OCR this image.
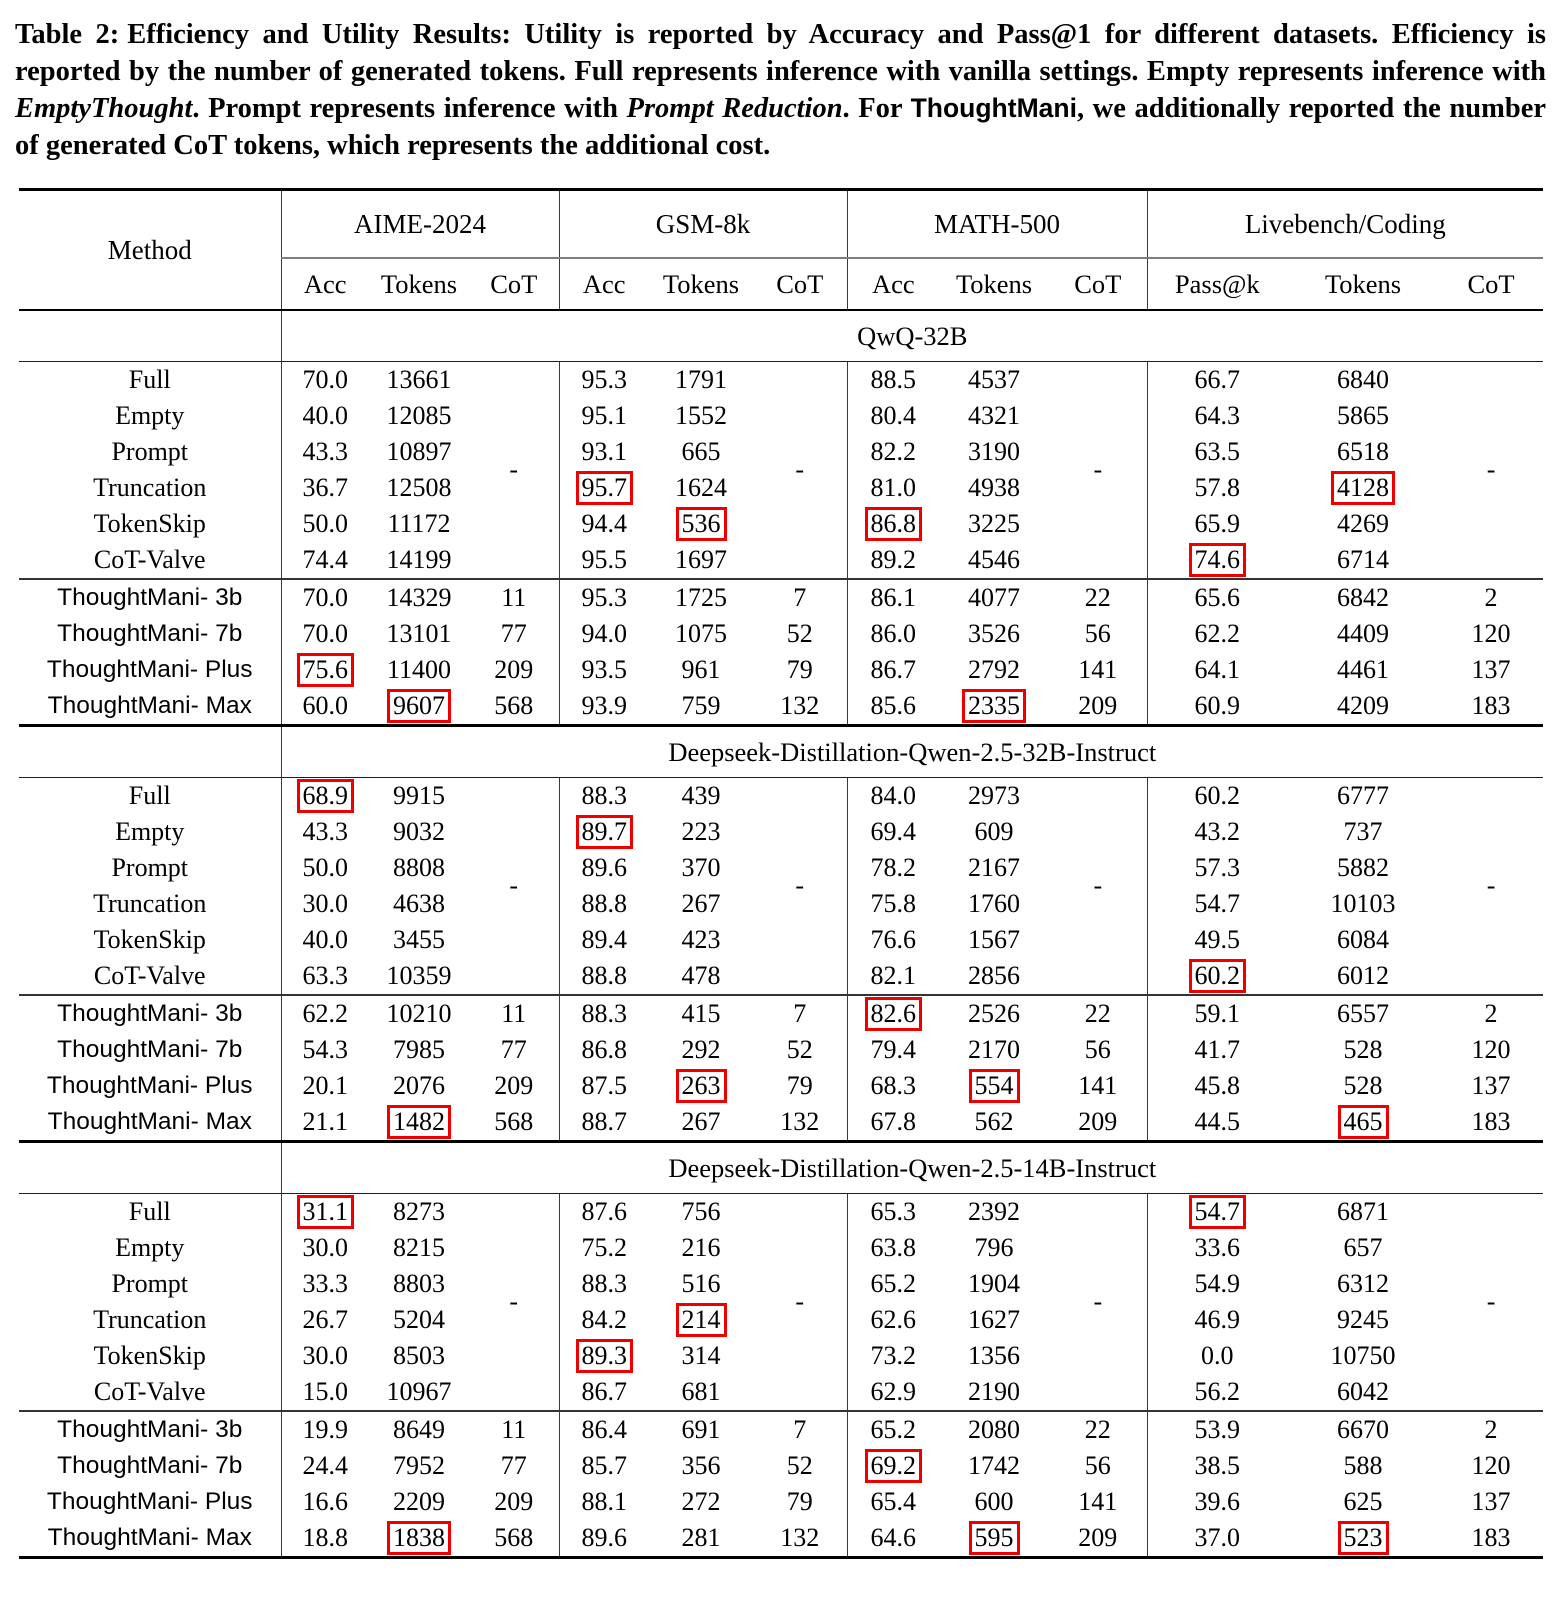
Table 2: Efficiency and Utility Results: Utility is reported by Accuracy and Pass@1 for different datasets. Efficiency is reported by the number of generated tokens. Full represents inference with vanilla settings. Empty represents inference with EmptyThought. Prompt represents inference with Prompt Reduction. For ThoughtMani, we additionally reported the number of generated CoT tokens, which represents the additional cost.
Method	AIME-2024			GSM-8k			MATH-500			Livebench/Coding		
	Acc	Tokens	CoT	Acc	Tokens	CoT	Acc	Tokens	CoT	Pass@k	Tokens	CoT
	QwQ-32B											
Full	70.0	13661	-	95.3	1791	-	88.5	4537	-	66.7	6840	-
Empty	40.0	12085		95.1	1552		80.4	4321		64.3	5865	
Prompt	43.3	10897		93.1	665		82.2	3190		63.5	6518	
Truncation	36.7	12508		95.7	1624		81.0	4938		57.8	4128	
TokenSkip	50.0	11172		94.4	536		86.8	3225		65.9	4269	
CoT-Valve	74.4	14199		95.5	1697		89.2	4546		74.6	6714	
ThoughtMani- 3b	70.0	14329	11	95.3	1725	7	86.1	4077	22	65.6	6842	2
ThoughtMani- 7b	70.0	13101	77	94.0	1075	52	86.0	3526	56	62.2	4409	120
ThoughtMani- Plus	75.6	11400	209	93.5	961	79	86.7	2792	141	64.1	4461	137
ThoughtMani- Max	60.0	9607	568	93.9	759	132	85.6	2335	209	60.9	4209	183
	Deepseek-Distillation-Qwen-2.5-32B-Instruct											
Full	68.9	9915	-	88.3	439	-	84.0	2973	-	60.2	6777	-
Empty	43.3	9032		89.7	223		69.4	609		43.2	737	
Prompt	50.0	8808		89.6	370		78.2	2167		57.3	5882	
Truncation	30.0	4638		88.8	267		75.8	1760		54.7	10103	
TokenSkip	40.0	3455		89.4	423		76.6	1567		49.5	6084	
CoT-Valve	63.3	10359		88.8	478		82.1	2856		60.2	6012	
ThoughtMani- 3b	62.2	10210	11	88.3	415	7	82.6	2526	22	59.1	6557	2
ThoughtMani- 7b	54.3	7985	77	86.8	292	52	79.4	2170	56	41.7	528	120
ThoughtMani- Plus	20.1	2076	209	87.5	263	79	68.3	554	141	45.8	528	137
ThoughtMani- Max	21.1	1482	568	88.7	267	132	67.8	562	209	44.5	465	183
	Deepseek-Distillation-Qwen-2.5-14B-Instruct											
Full	31.1	8273	-	87.6	756	-	65.3	2392	-	54.7	6871	-
Empty	30.0	8215		75.2	216		63.8	796		33.6	657	
Prompt	33.3	8803		88.3	516		65.2	1904		54.9	6312	
Truncation	26.7	5204		84.2	214		62.6	1627		46.9	9245	
TokenSkip	30.0	8503		89.3	314		73.2	1356		0.0	10750	
CoT-Valve	15.0	10967		86.7	681		62.9	2190		56.2	6042	
ThoughtMani- 3b	19.9	8649	11	86.4	691	7	65.2	2080	22	53.9	6670	2
ThoughtMani- 7b	24.4	7952	77	85.7	356	52	69.2	1742	56	38.5	588	120
ThoughtMani- Plus	16.6	2209	209	88.1	272	79	65.4	600	141	39.6	625	137
ThoughtMani- Max	18.8	1838	568	89.6	281	132	64.6	595	209	37.0	523	183
